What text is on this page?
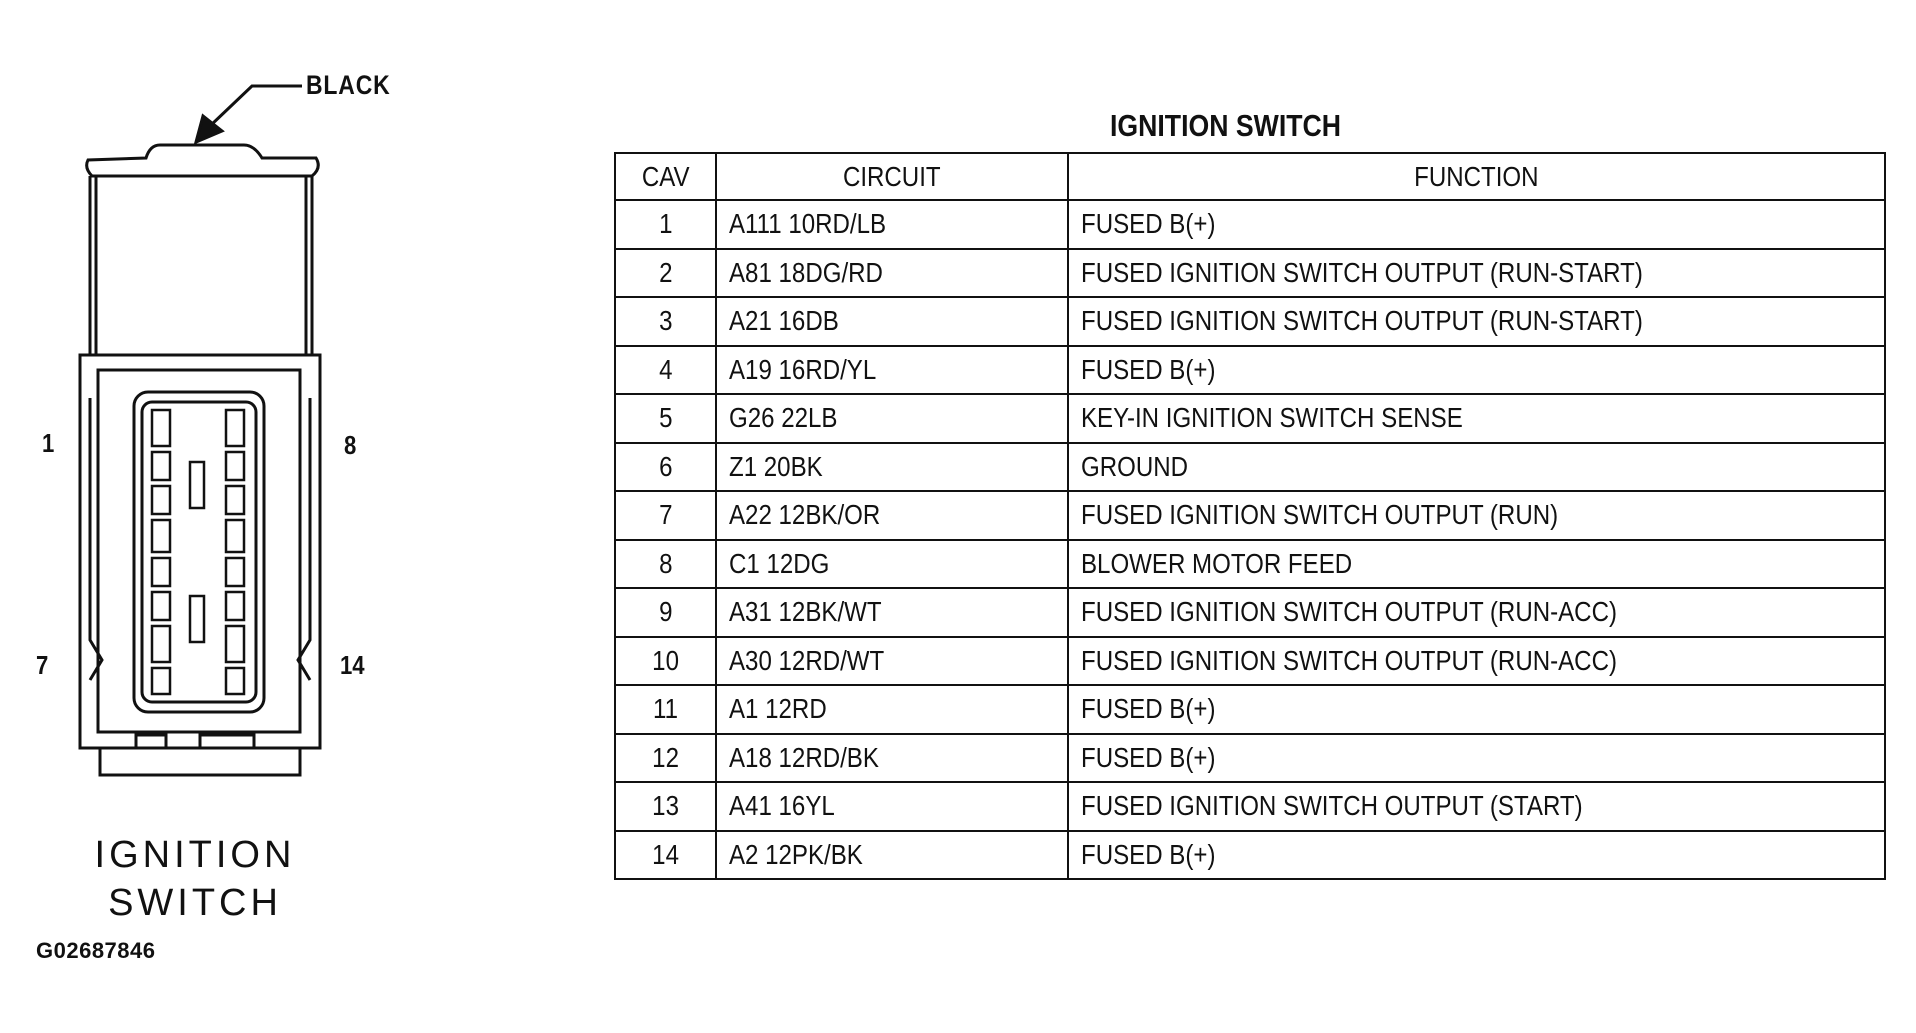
BLACK
1	8
7	14
IGNITION
SWITCH
G02687846
IGNITION SWITCH
CAV	CIRCUIT	FUNCTION
1	A111 10RD/LB	FUSED B(+)
2	A81 18DG/RD	FUSED IGNITION SWITCH OUTPUT (RUN-START)
3	A21 16DB	FUSED IGNITION SWITCH OUTPUT (RUN-START)
4	A19 16RD/YL	FUSED B(+)
5	G26 22LB	KEY-IN IGNITION SWITCH SENSE
6	Z1 20BK	GROUND
7	A22 12BK/OR	FUSED IGNITION SWITCH OUTPUT (RUN)
8	C1 12DG	BLOWER MOTOR FEED
9	A31 12BK/WT	FUSED IGNITION SWITCH OUTPUT (RUN-ACC)
10	A30 12RD/WT	FUSED IGNITION SWITCH OUTPUT (RUN-ACC)
11	A1 12RD	FUSED B(+)
12	A18 12RD/BK	FUSED B(+)
13	A41 16YL	FUSED IGNITION SWITCH OUTPUT (START)
14	A2 12PK/BK	FUSED B(+)
